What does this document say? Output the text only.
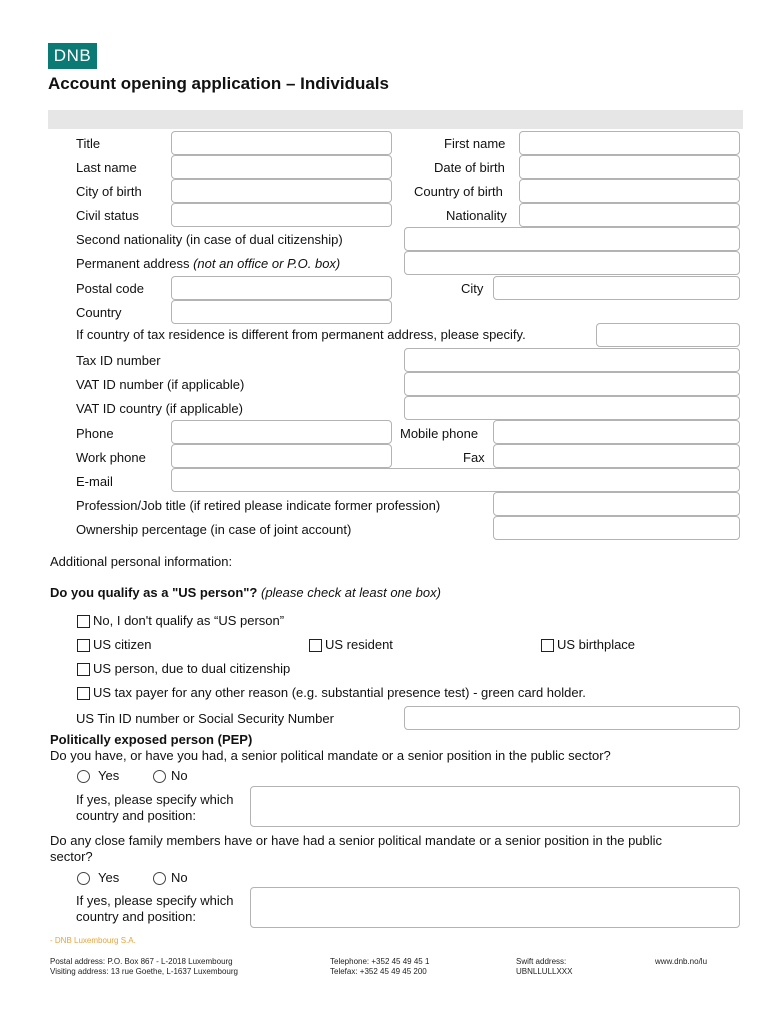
DNB
Account opening application – Individuals
Title	First name
Last name	Date of birth
City of birth	Country of birth
Civil status	Nationality
Second nationality (in case of dual citizenship)
Permanent address (not an office or P.O. box)
Postal code	City
Country
If country of tax residence is different from permanent address, please specify.
Tax ID number
VAT ID number (if applicable)
VAT ID country (if applicable)
Phone	Mobile phone
Work phone	Fax
E-mail
Profession/Job title (if retired please indicate former profession)
Ownership percentage (in case of joint account)
Additional personal information:
Do you qualify as a "US person"? (please check at least one box)
No, I don't qualify as “US person”
US citizen	US resident	US birthplace
US person, due to dual citizenship
US tax payer for any other reason (e.g. substantial presence test) - green card holder.
US Tin ID number or Social Security Number
Politically exposed person (PEP)
Do you have, or have you had, a senior political mandate or a senior position in the public sector?
Yes	No
If yes, please specify which
country and position:
Do any close family members have or have had a senior political mandate or a senior position in the public
sector?
Yes	No
If yes, please specify which
country and position:
- DNB Luxembourg S.A.
Postal address: P.O. Box 867 - L-2018 Luxembourg
Visiting address: 13 rue Goethe, L-1637 Luxembourg
Telephone: +352 45 49 45 1
Telefax: +352 45 49 45 200
Swift address:
UBNLLULLXXX
www.dnb.no/lu
